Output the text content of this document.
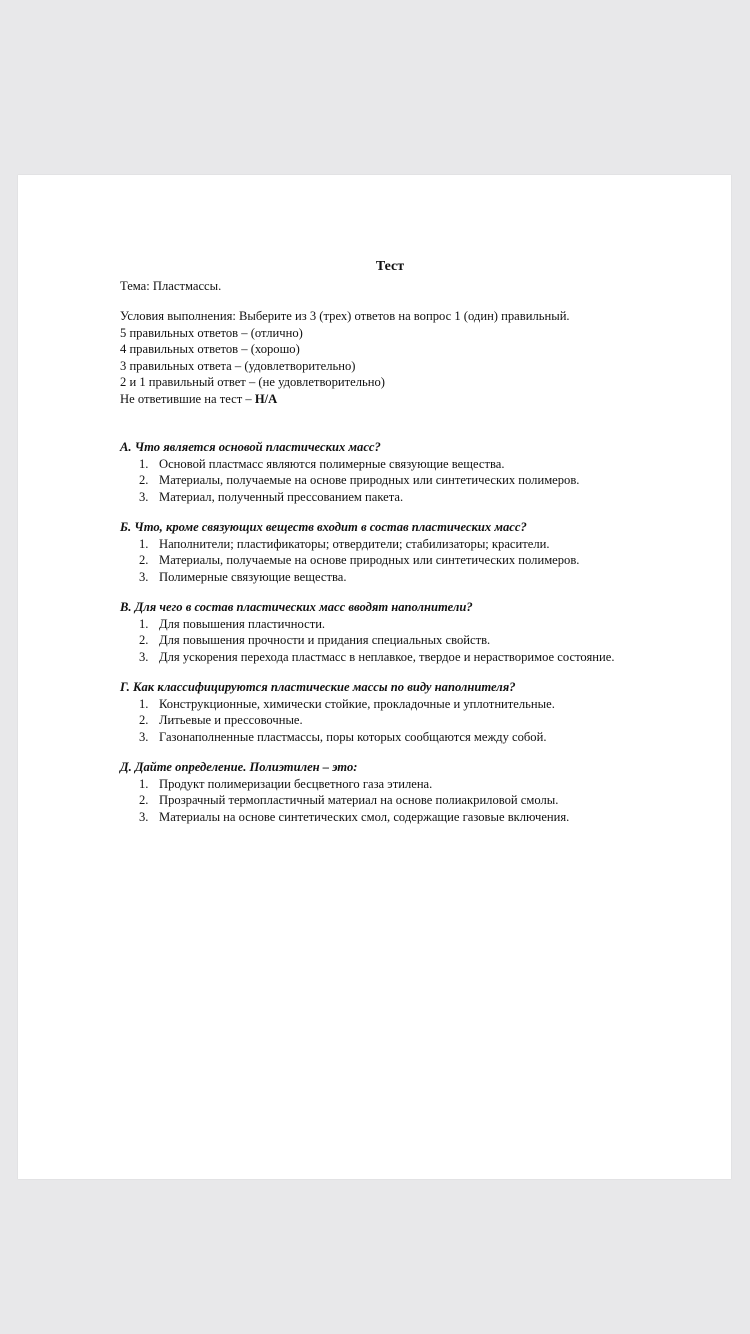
Тест

Тема: Пластмассы.

Условия выполнения: Выберите из 3 (трех) ответов на вопрос 1 (один) правильный.

5 правильных ответов – (отлично)

4 правильных ответов – (хорошо)

3 правильных ответа – (удовлетворительно)

2 и 1 правильный ответ – (не удовлетворительно)

Не ответившие на тест – Н/А

А. Что является основой пластических масс?

1. Основой пластмасс являются полимерные связующие вещества.
2. Материалы, получаемые на основе природных или синтетических полимеров.
3. Материал, полученный прессованием пакета.

Б. Что, кроме связующих веществ входит в состав пластических масс?

1. Наполнители; пластификаторы; отвердители; стабилизаторы; красители.
2. Материалы, получаемые на основе природных или синтетических полимеров.
3. Полимерные связующие вещества.

В. Для чего в состав пластических масс вводят наполнители?

1. Для повышения пластичности.
2. Для повышения прочности и придания специальных свойств.
3. Для ускорения перехода пластмасс в неплавкое, твердое и нерастворимое состояние.

Г. Как классифицируются пластические массы по виду наполнителя?

1. Конструкционные, химически стойкие, прокладочные и уплотнительные.
2. Литьевые и прессовочные.
3. Газонаполненные пластмассы, поры которых сообщаются между собой.

Д. Дайте определение. Полиэтилен – это:

1. Продукт полимеризации бесцветного газа этилена.
2. Прозрачный термопластичный материал на основе полиакриловой смолы.
3. Материалы на основе синтетических смол, содержащие газовые включения.
